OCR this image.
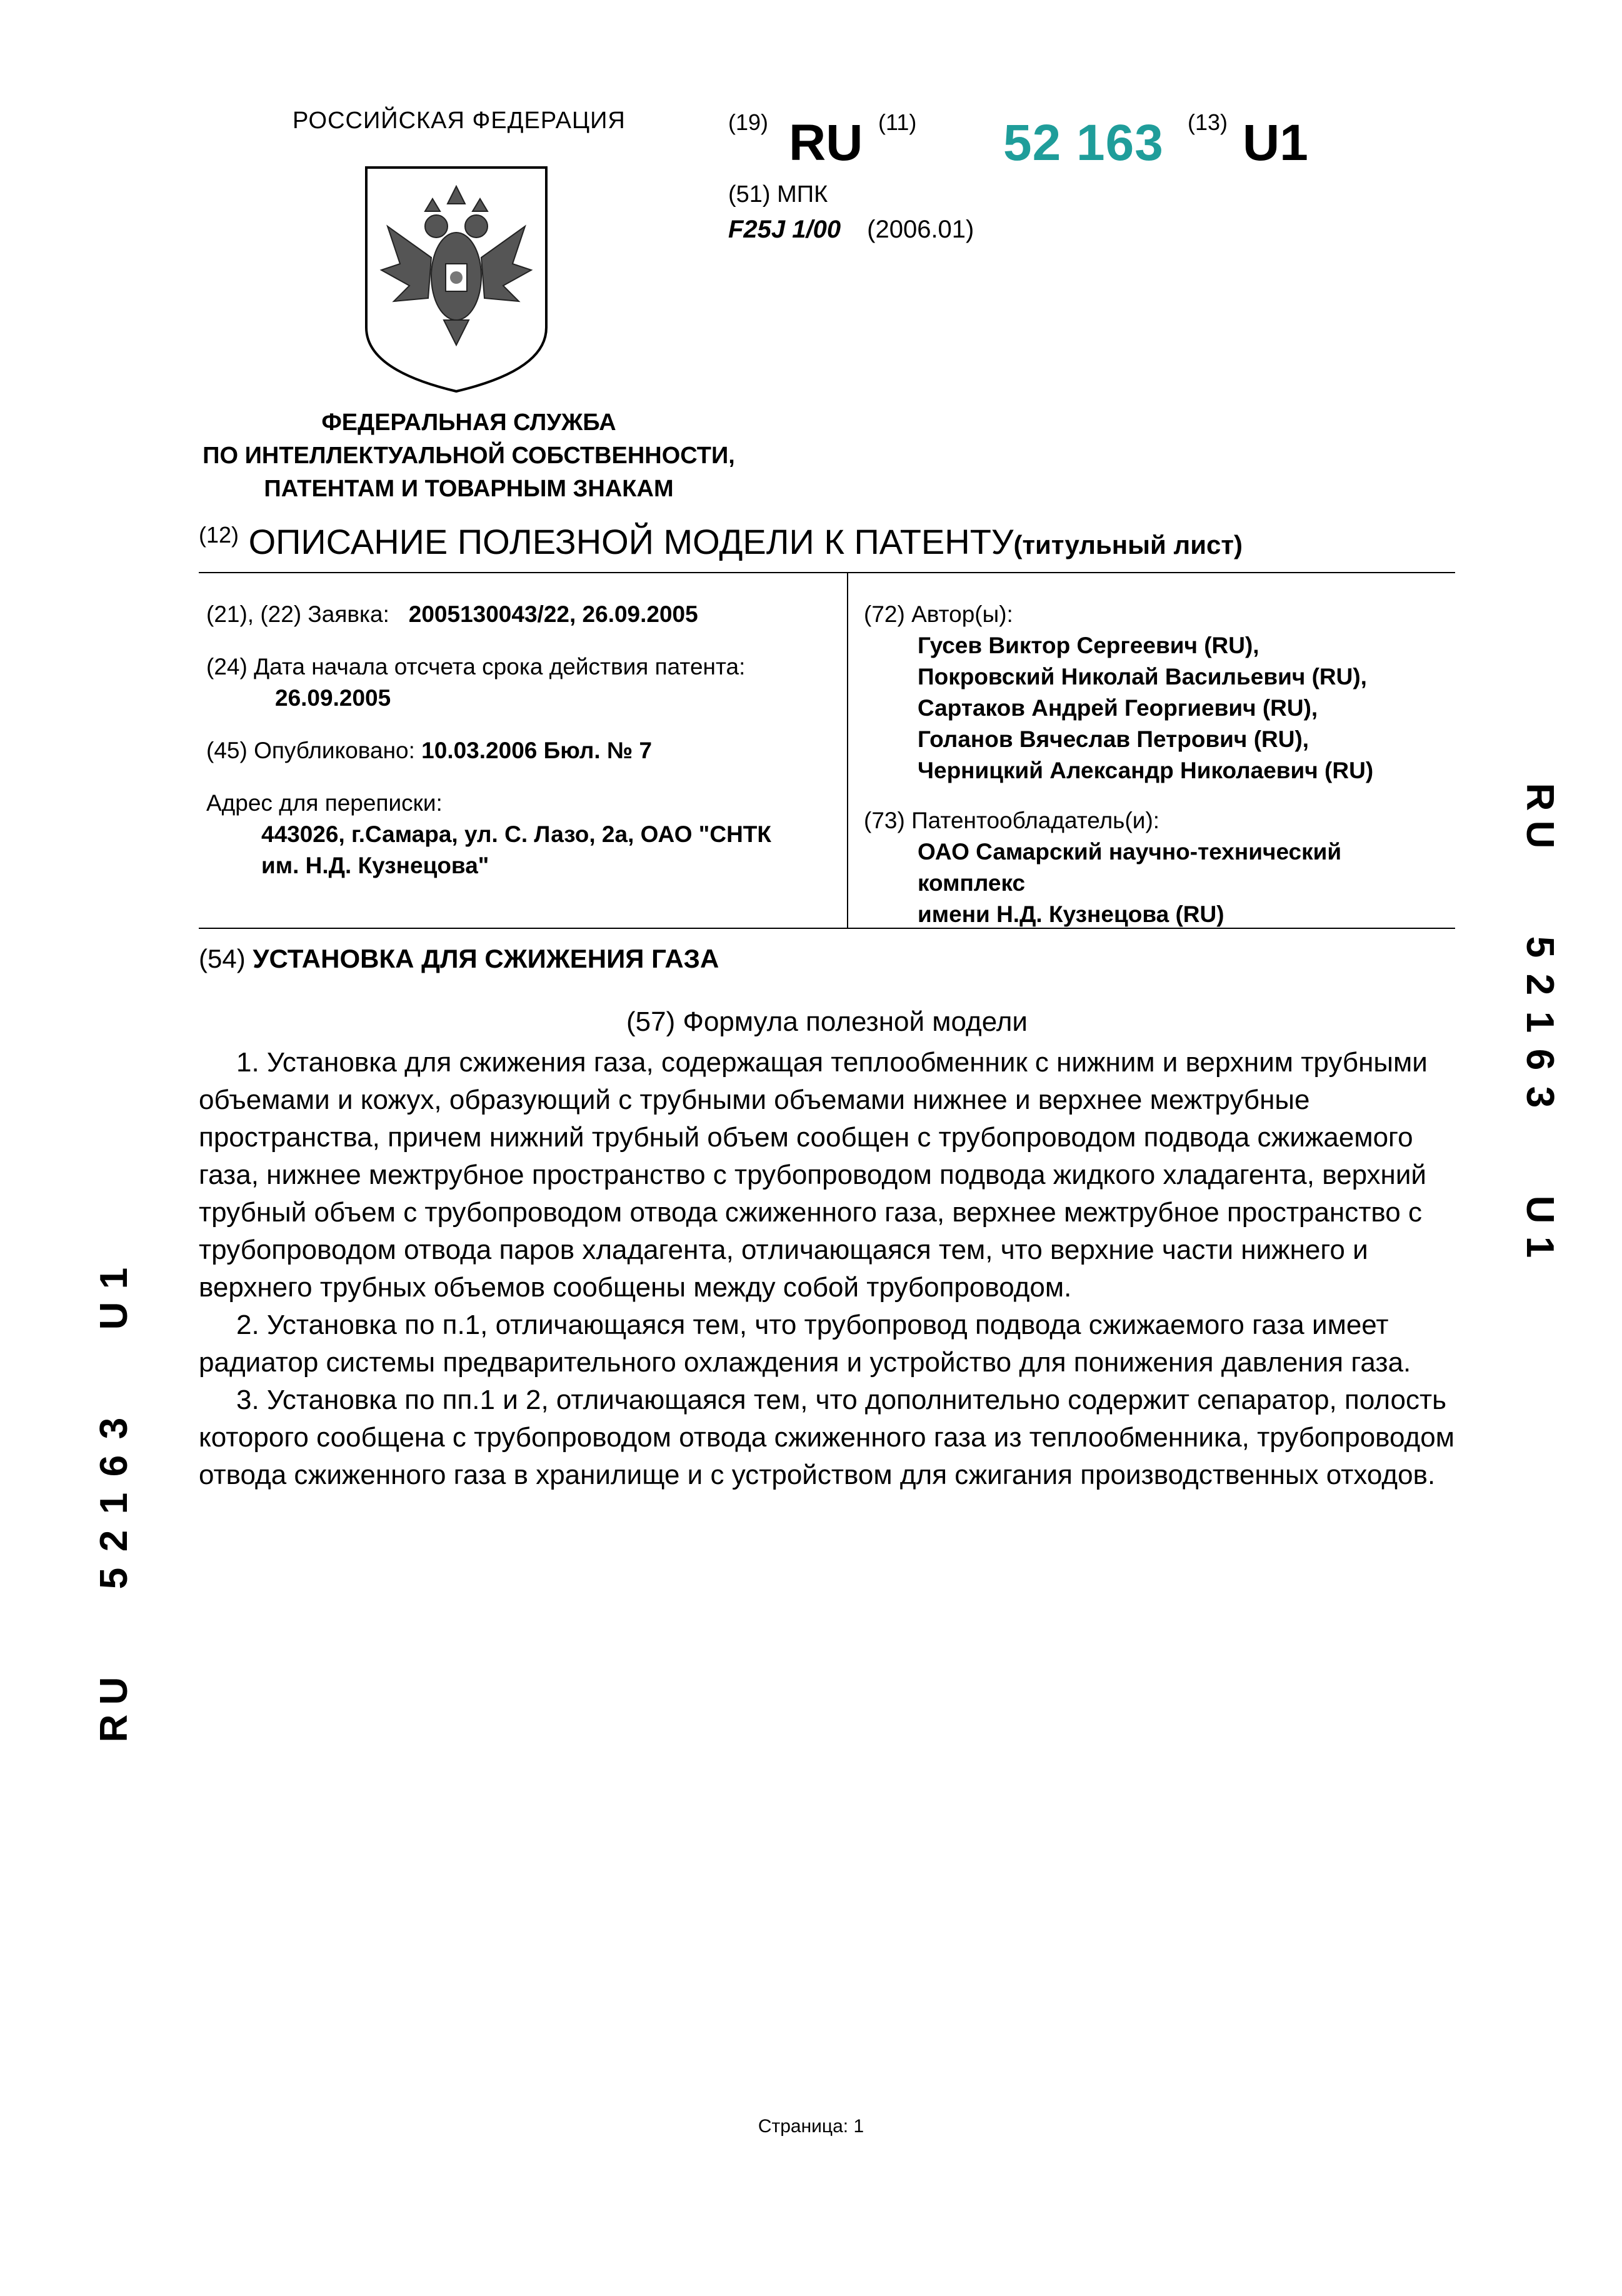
РОССИЙСКАЯ ФЕДЕРАЦИЯ
ФЕДЕРАЛЬНАЯ СЛУЖБА
ПО ИНТЕЛЛЕКТУАЛЬНОЙ СОБСТВЕННОСТИ,
ПАТЕНТАМ И ТОВАРНЫМ ЗНАКАМ
(19) RU (11) 52 163 (13) U1
(51) МПК
F25J 1/00 (2006.01)
$^{(12)}$ ОПИСАНИЕ ПОЛЕЗНОЙ МОДЕЛИ К ПАТЕНТУ(титульный лист)
(21), (22) Заявка: 2005130043/22, 26.09.2005
(24) Дата начала отсчета срока действия патента:
26.09.2005
(45) Опубликовано: 10.03.2006 Бюл. № 7
Адрес для переписки:
443026, г.Самара, ул. С. Лазо, 2а, ОАО "СНТК
им. Н.Д. Кузнецова"
(72) Автор(ы):
Гусев Виктор Сергеевич (RU),
Покровский Николай Васильевич (RU),
Сартаков Андрей Георгиевич (RU),
Голанов Вячеслав Петрович (RU),
Черницкий Александр Николаевич (RU)
(73) Патентообладатель(и):
ОАО Самарский научно-технический комплекс
имени Н.Д. Кузнецова (RU)
(54) УСТАНОВКА ДЛЯ СЖИЖЕНИЯ ГАЗА
(57) Формула полезной модели

1. Установка для сжижения газа, содержащая теплообменник с нижним и верхним трубными объемами и кожух, образующий с трубными объемами нижнее и верхнее межтрубные пространства, причем нижний трубный объем сообщен с трубопроводом подвода сжижаемого газа, нижнее межтрубное пространство с трубопроводом подвода жидкого хладагента, верхний трубный объем с трубопроводом отвода сжиженного газа, верхнее межтрубное пространство с трубопроводом отвода паров хладагента, отличающаяся тем, что верхние части нижнего и верхнего трубных объемов сообщены между собой трубопроводом.

2. Установка по п.1, отличающаяся тем, что трубопровод подвода сжижаемого газа имеет радиатор системы предварительного охлаждения и устройство для понижения давления газа.

3. Установка по пп.1 и 2, отличающаяся тем, что дополнительно содержит сепаратор, полость которого сообщена с трубопроводом отвода сжиженного газа из теплообменника, трубопроводом отвода сжиженного газа в хранилище и с устройством для сжигания производственных отходов.

R
U
5
2
1
6
3
U
1
1
U
3
6
1
2
5
U
R
Страница: 1
